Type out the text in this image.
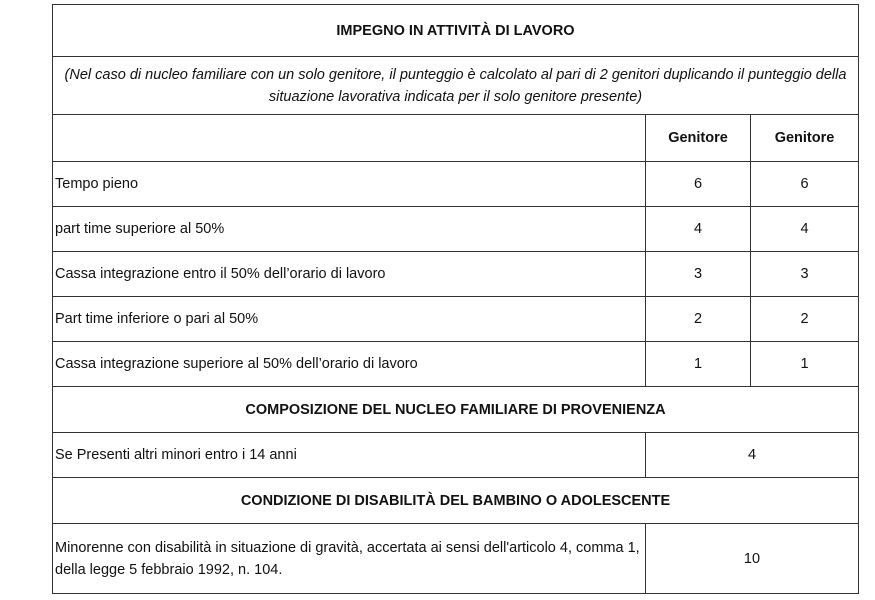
IMPEGNO IN ATTIVITÀ DI LAVORO		
(Nel caso di nucleo familiare con un solo genitore, il punteggio è calcolato al pari di 2 genitori duplicando il punteggio della situazione lavorativa indicata per il solo genitore presente)		
	Genitore	Genitore
Tempo pieno	6	6
part time superiore al 50%	4	4
Cassa integrazione entro il 50% dell’orario di lavoro	3	3
Part time inferiore o pari al 50%	2	2
Cassa integrazione superiore al 50% dell’orario di lavoro	1	1
COMPOSIZIONE DEL NUCLEO FAMILIARE DI PROVENIENZA		
Se Presenti altri minori entro i 14 anni	4	
CONDIZIONE DI DISABILITÀ DEL BAMBINO O ADOLESCENTE		
Minorenne con disabilità in situazione di gravità, accertata ai sensi dell'articolo 4, comma 1, della legge 5 febbraio 1992, n. 104.	10	
